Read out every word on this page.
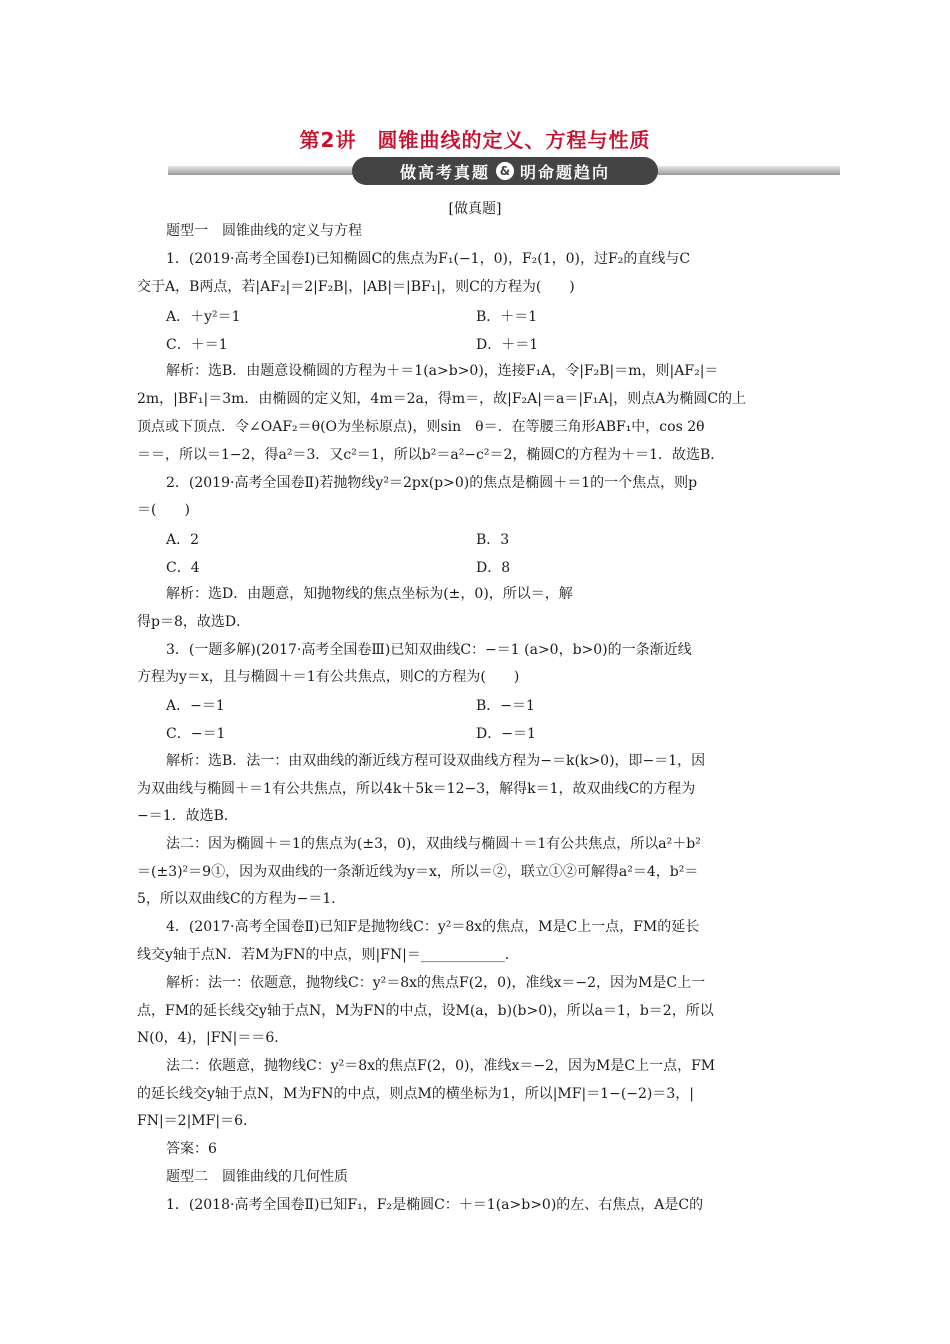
第2讲　圆锥曲线的定义、方程与性质
做高考真题 & 明命题趋向
[做真题]
题型一　圆锥曲线的定义与方程
1．(2019·高考全国卷Ⅰ)已知椭圆C的焦点为F₁(−1，0)，F₂(1，0)，过F₂的直线与C
交于A，B两点，若|AF₂|＝2|F₂B|，|AB|＝|BF₁|，则C的方程为(　　)
A．＋y²＝1	B．＋＝1
C．＋＝1	D．＋＝1
解析：选B．由题意设椭圆的方程为＋＝1(a>b>0)，连接F₁A，令|F₂B|＝m，则|AF₂|＝
2m，|BF₁|＝3m．由椭圆的定义知，4m＝2a，得m＝，故|F₂A|＝a＝|F₁A|，则点A为椭圆C的上
顶点或下顶点．令∠OAF₂＝θ(O为坐标原点)，则sin　θ＝．在等腰三角形ABF₁中，cos 2θ
＝＝，所以＝1−2，得a²＝3．又c²＝1，所以b²＝a²−c²＝2，椭圆C的方程为＋＝1．故选B．
2．(2019·高考全国卷Ⅱ)若抛物线y²＝2px(p>0)的焦点是椭圆＋＝1的一个焦点，则p
＝(　　)
A．2	B．3
C．4	D．8
解析：选D．由题意，知抛物线的焦点坐标为(±，0)，所以＝，解
得p＝8，故选D．
3．(一题多解)(2017·高考全国卷Ⅲ)已知双曲线C：−＝1 (a>0，b>0)的一条渐近线
方程为y＝x，且与椭圆＋＝1有公共焦点，则C的方程为(　　)
A．−＝1	B．−＝1
C．−＝1	D．−＝1
解析：选B．法一：由双曲线的渐近线方程可设双曲线方程为−＝k(k>0)，即−＝1，因
为双曲线与椭圆＋＝1有公共焦点，所以4k＋5k＝12−3，解得k＝1，故双曲线C的方程为
−＝1．故选B．
法二：因为椭圆＋＝1的焦点为(±3，0)，双曲线与椭圆＋＝1有公共焦点，所以a²＋b²
＝(±3)²＝9①，因为双曲线的一条渐近线为y＝x，所以＝②，联立①②可解得a²＝4，b²＝
5，所以双曲线C的方程为−＝1．
4．(2017·高考全国卷Ⅱ)已知F是抛物线C：y²＝8x的焦点，M是C上一点，FM的延长
线交y轴于点N．若M为FN的中点，则|FN|＝____________．
解析：法一：依题意，抛物线C：y²＝8x的焦点F(2，0)，准线x＝−2，因为M是C上一
点，FM的延长线交y轴于点N，M为FN的中点，设M(a，b)(b>0)，所以a＝1，b＝2，所以
N(0，4)，|FN|＝＝6．
法二：依题意，抛物线C：y²＝8x的焦点F(2，0)，准线x＝−2，因为M是C上一点，FM
的延长线交y轴于点N，M为FN的中点，则点M的横坐标为1，所以|MF|＝1−(−2)＝3，|
FN|＝2|MF|＝6．
答案：6
题型二　圆锥曲线的几何性质
1．(2018·高考全国卷Ⅱ)已知F₁，F₂是椭圆C：＋＝1(a>b>0)的左、右焦点，A是C的
